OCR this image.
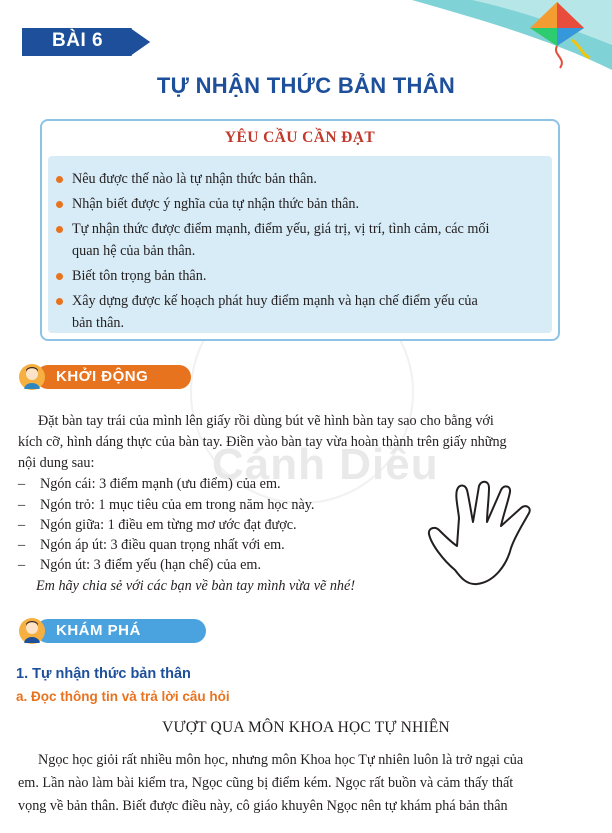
BÀI 6
TỰ NHẬN THỨC BẢN THÂN
Cánh Diều
YÊU CẦU CẦN ĐẠT
Nêu được thế nào là tự nhận thức bản thân.
Nhận biết được ý nghĩa của tự nhận thức bản thân.
Tự nhận thức được điểm mạnh, điểm yếu, giá trị, vị trí, tình cảm, các mối
quan hệ của bản thân.
Biết tôn trọng bản thân.
Xây dựng được kế hoạch phát huy điểm mạnh và hạn chế điểm yếu của
bản thân.
KHỞI ĐỘNG
Đặt bàn tay trái của mình lên giấy rồi dùng bút vẽ hình bàn tay sao cho bằng với
kích cỡ, hình dáng thực của bàn tay. Điền vào bàn tay vừa hoàn thành trên giấy những
nội dung sau:
– Ngón cái: 3 điểm mạnh (ưu điểm) của em.
– Ngón trỏ: 1 mục tiêu của em trong năm học này.
– Ngón giữa: 1 điều em từng mơ ước đạt được.
– Ngón áp út: 3 điều quan trọng nhất với em.
– Ngón út: 3 điểm yếu (hạn chế) của em.
Em hãy chia sẻ với các bạn về bàn tay mình vừa vẽ nhé!
KHÁM PHÁ
1. Tự nhận thức bản thân
a. Đọc thông tin và trả lời câu hỏi
VƯỢT QUA MÔN KHOA HỌC TỰ NHIÊN
Ngọc học giỏi rất nhiều môn học, nhưng môn Khoa học Tự nhiên luôn là trở ngại của
em. Lần nào làm bài kiểm tra, Ngọc cũng bị điểm kém. Ngọc rất buồn và cảm thấy thất
vọng về bản thân. Biết được điều này, cô giáo khuyên Ngọc nên tự khám phá bản thân
